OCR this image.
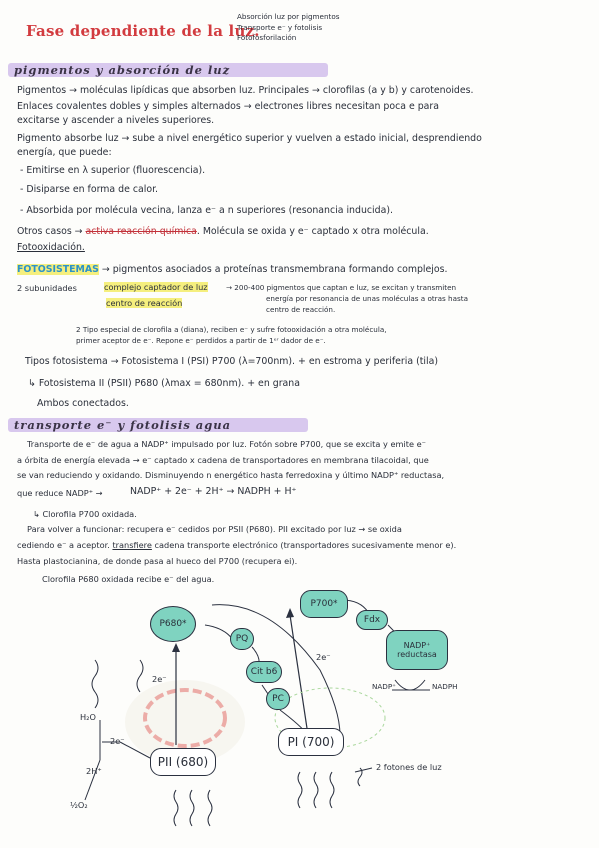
Fase dependiente de la luz.
Absorción luz por pigmentos
Transporte e⁻ y fotolisis
Fotofosforilación
pigmentos y absorción de luz
Pigmentos → moléculas lipídicas que absorben luz. Principales → clorofilas (a y b) y carotenoides.
Enlaces covalentes dobles y simples alternados → electrones libres necesitan poca e para
excitarse y ascender a niveles superiores.
Pigmento absorbe luz → sube a nivel energético superior y vuelven a estado inicial, desprendiendo
energía, que puede:
- Emitirse en λ superior (fluorescencia).
- Disiparse en forma de calor.
- Absorbida por molécula vecina, lanza e⁻ a n superiores (resonancia inducida).
Otros casos → activa reacción química. Molécula se oxida y e⁻ captado x otra molécula.
Fotooxidación.
FOTOSISTEMAS → pigmentos asociados a proteínas transmembrana formando complejos.
2 subunidades	complejo captador de luz	→ 200-400 pigmentos que captan e luz, se excitan y transmiten
energía por resonancia de unas moléculas a otras hasta
centro de reacción.
centro de reacción
2 Tipo especial de clorofila a (diana), reciben e⁻ y sufre fotooxidación a otra molécula,
primer aceptor de e⁻. Repone e⁻ perdidos a partir de 1ᵉʳ dador de e⁻.
Tipos fotosistema → Fotosistema I (PSI) P700 (λ=700nm). + en estroma y periferia (tila)
↳ Fotosistema II (PSII) P680 (λmax = 680nm). + en grana
Ambos conectados.
transporte e⁻ y fotolisis agua
Transporte de e⁻ de agua a NADP⁺ impulsado por luz. Fotón sobre P700, que se excita y emite e⁻
a órbita de energía elevada → e⁻ captado x cadena de transportadores en membrana tilacoidal, que
se van reduciendo y oxidando. Disminuyendo n energético hasta ferredoxina y último NADP⁺ reductasa,
que reduce NADP⁺ →	NADP⁺ + 2e⁻ + 2H⁺ → NADPH + H⁺
↳ Clorofila P700 oxidada.
Para volver a funcionar: recupera e⁻ cedidos por PSII (P680). PII excitado por luz → se oxida
cediendo e⁻ a aceptor. transfiere cadena transporte electrónico (transportadores sucesivamente menor e).
Hasta plastocianina, de donde pasa al hueco del P700 (recupera ei).
Clorofila P680 oxidada recibe e⁻ del agua.
P680*
PQ
Cit b6
PC
P700*
Fdx
NADP⁺ reductasa
NADP⁺	NADPH
PII (680)
PI (700)
H₂O
2e⁻
2H⁺
½O₂
2e⁻
2e⁻
2 fotones de luz
